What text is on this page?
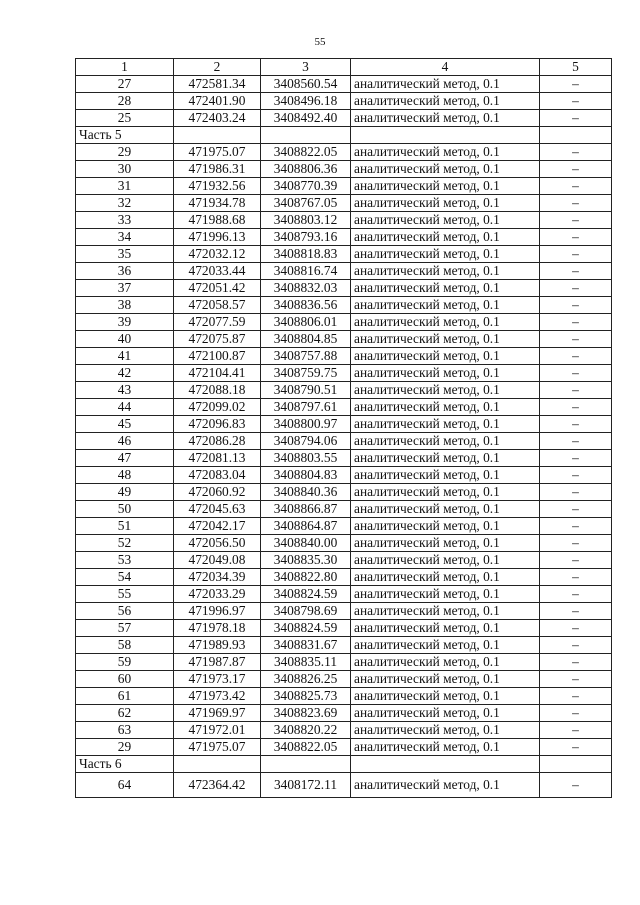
55
1	2	3	4	5
27	472581.34	3408560.54	аналитический метод, 0.1	–
28	472401.90	3408496.18	аналитический метод, 0.1	–
25	472403.24	3408492.40	аналитический метод, 0.1	–
Часть 5				
29	471975.07	3408822.05	аналитический метод, 0.1	–
30	471986.31	3408806.36	аналитический метод, 0.1	–
31	471932.56	3408770.39	аналитический метод, 0.1	–
32	471934.78	3408767.05	аналитический метод, 0.1	–
33	471988.68	3408803.12	аналитический метод, 0.1	–
34	471996.13	3408793.16	аналитический метод, 0.1	–
35	472032.12	3408818.83	аналитический метод, 0.1	–
36	472033.44	3408816.74	аналитический метод, 0.1	–
37	472051.42	3408832.03	аналитический метод, 0.1	–
38	472058.57	3408836.56	аналитический метод, 0.1	–
39	472077.59	3408806.01	аналитический метод, 0.1	–
40	472075.87	3408804.85	аналитический метод, 0.1	–
41	472100.87	3408757.88	аналитический метод, 0.1	–
42	472104.41	3408759.75	аналитический метод, 0.1	–
43	472088.18	3408790.51	аналитический метод, 0.1	–
44	472099.02	3408797.61	аналитический метод, 0.1	–
45	472096.83	3408800.97	аналитический метод, 0.1	–
46	472086.28	3408794.06	аналитический метод, 0.1	–
47	472081.13	3408803.55	аналитический метод, 0.1	–
48	472083.04	3408804.83	аналитический метод, 0.1	–
49	472060.92	3408840.36	аналитический метод, 0.1	–
50	472045.63	3408866.87	аналитический метод, 0.1	–
51	472042.17	3408864.87	аналитический метод, 0.1	–
52	472056.50	3408840.00	аналитический метод, 0.1	–
53	472049.08	3408835.30	аналитический метод, 0.1	–
54	472034.39	3408822.80	аналитический метод, 0.1	–
55	472033.29	3408824.59	аналитический метод, 0.1	–
56	471996.97	3408798.69	аналитический метод, 0.1	–
57	471978.18	3408824.59	аналитический метод, 0.1	–
58	471989.93	3408831.67	аналитический метод, 0.1	–
59	471987.87	3408835.11	аналитический метод, 0.1	–
60	471973.17	3408826.25	аналитический метод, 0.1	–
61	471973.42	3408825.73	аналитический метод, 0.1	–
62	471969.97	3408823.69	аналитический метод, 0.1	–
63	471972.01	3408820.22	аналитический метод, 0.1	–
29	471975.07	3408822.05	аналитический метод, 0.1	–
Часть 6				
64	472364.42	3408172.11	аналитический метод, 0.1	–
